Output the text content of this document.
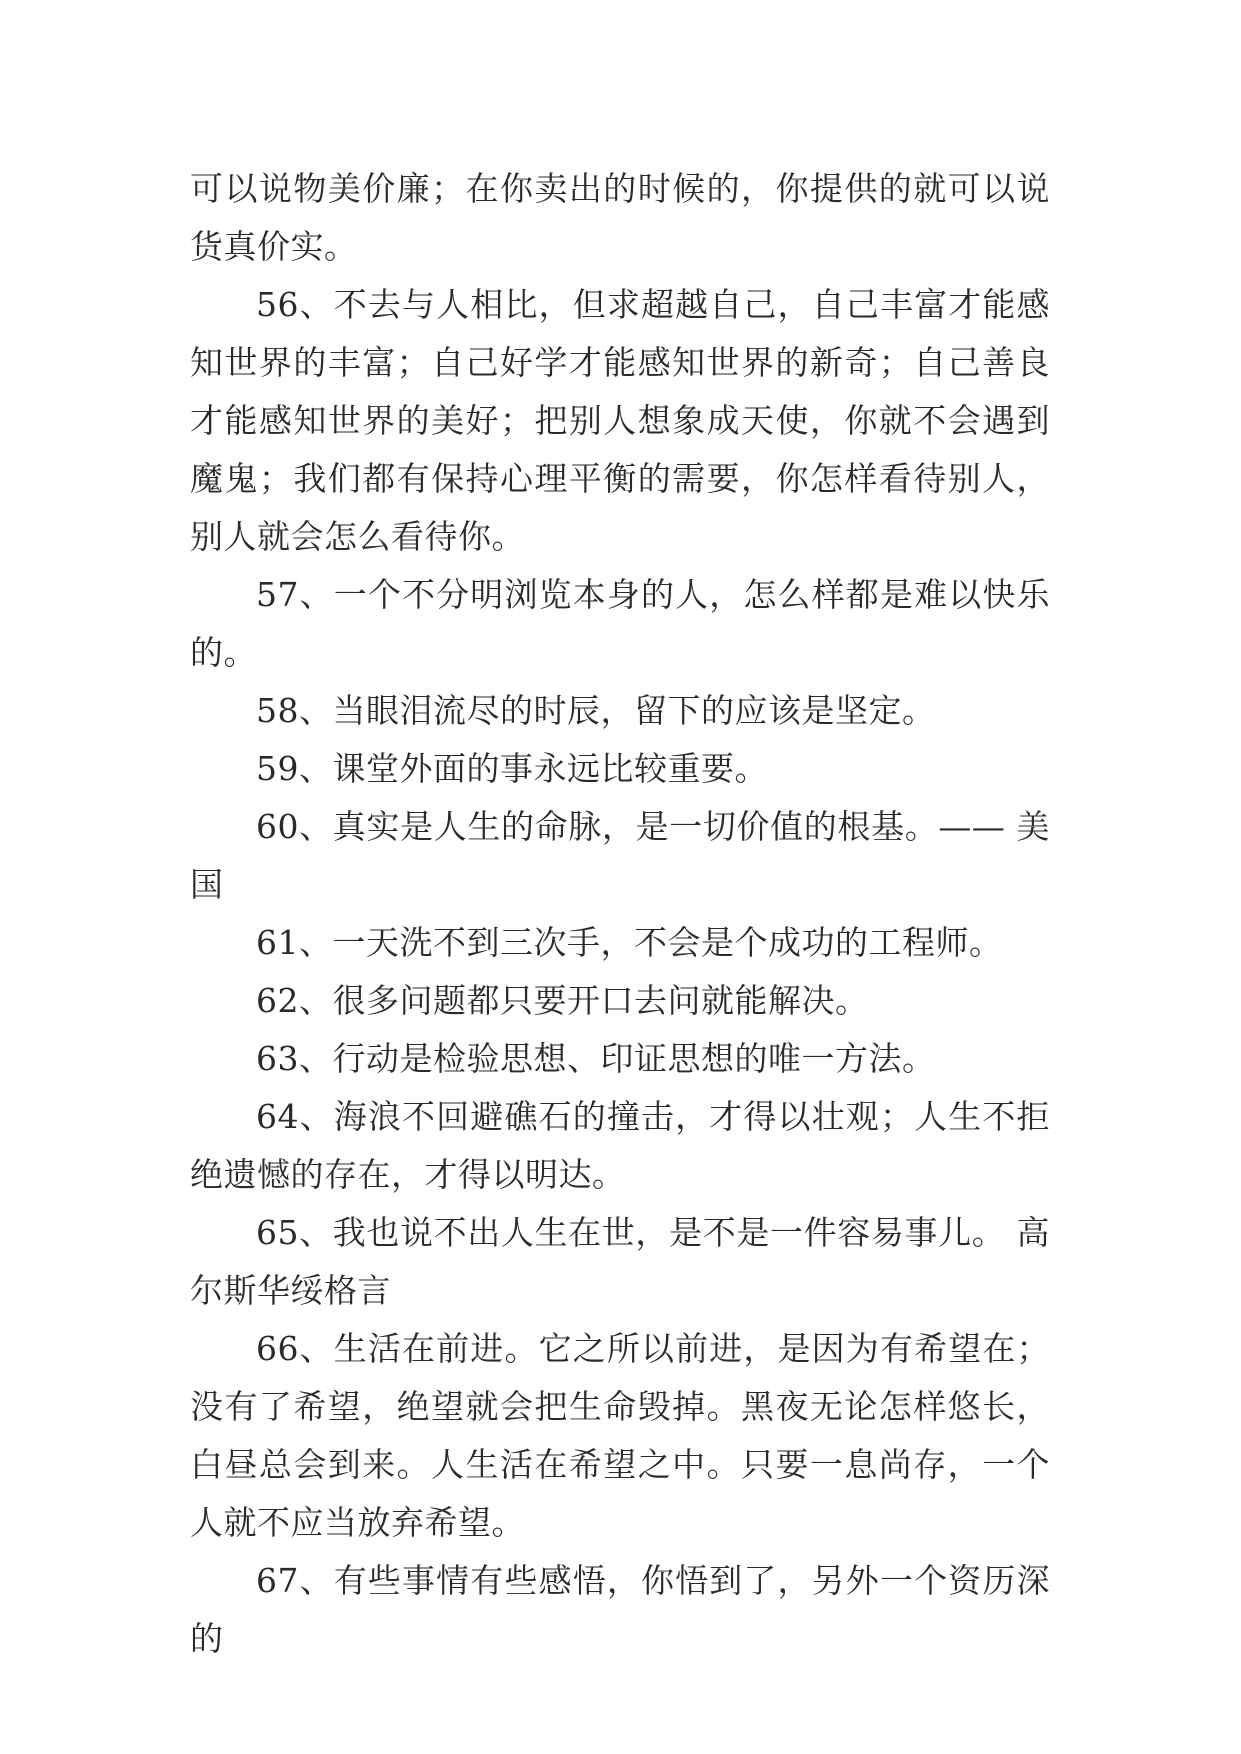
可以说物美价廉；在你卖出的时候的，你提供的就可以说货真价实。

56、不去与人相比，但求超越自己，自己丰富才能感知世界的丰富；自己好学才能感知世界的新奇；自己善良才能感知世界的美好；把别人想象成天使，你就不会遇到魔鬼；我们都有保持心理平衡的需要，你怎样看待别人，别人就会怎么看待你。

57、一个不分明浏览本身的人，怎么样都是难以快乐的。

58、当眼泪流尽的时辰，留下的应该是坚定。

59、课堂外面的事永远比较重要。

60、真实是人生的命脉，是一切价值的根基。—— 美国

61、一天洗不到三次手，不会是个成功的工程师。

62、很多问题都只要开口去问就能解决。

63、行动是检验思想、印证思想的唯一方法。

64、海浪不回避礁石的撞击，才得以壮观；人生不拒绝遗憾的存在，才得以明达。

65、我也说不出人生在世，是不是一件容易事儿。 高尔斯华绥格言

66、生活在前进。它之所以前进，是因为有希望在；没有了希望，绝望就会把生命毁掉。黑夜无论怎样悠长，白昼总会到来。人生活在希望之中。只要一息尚存，一个人就不应当放弃希望。

67、有些事情有些感悟，你悟到了，另外一个资历深的
